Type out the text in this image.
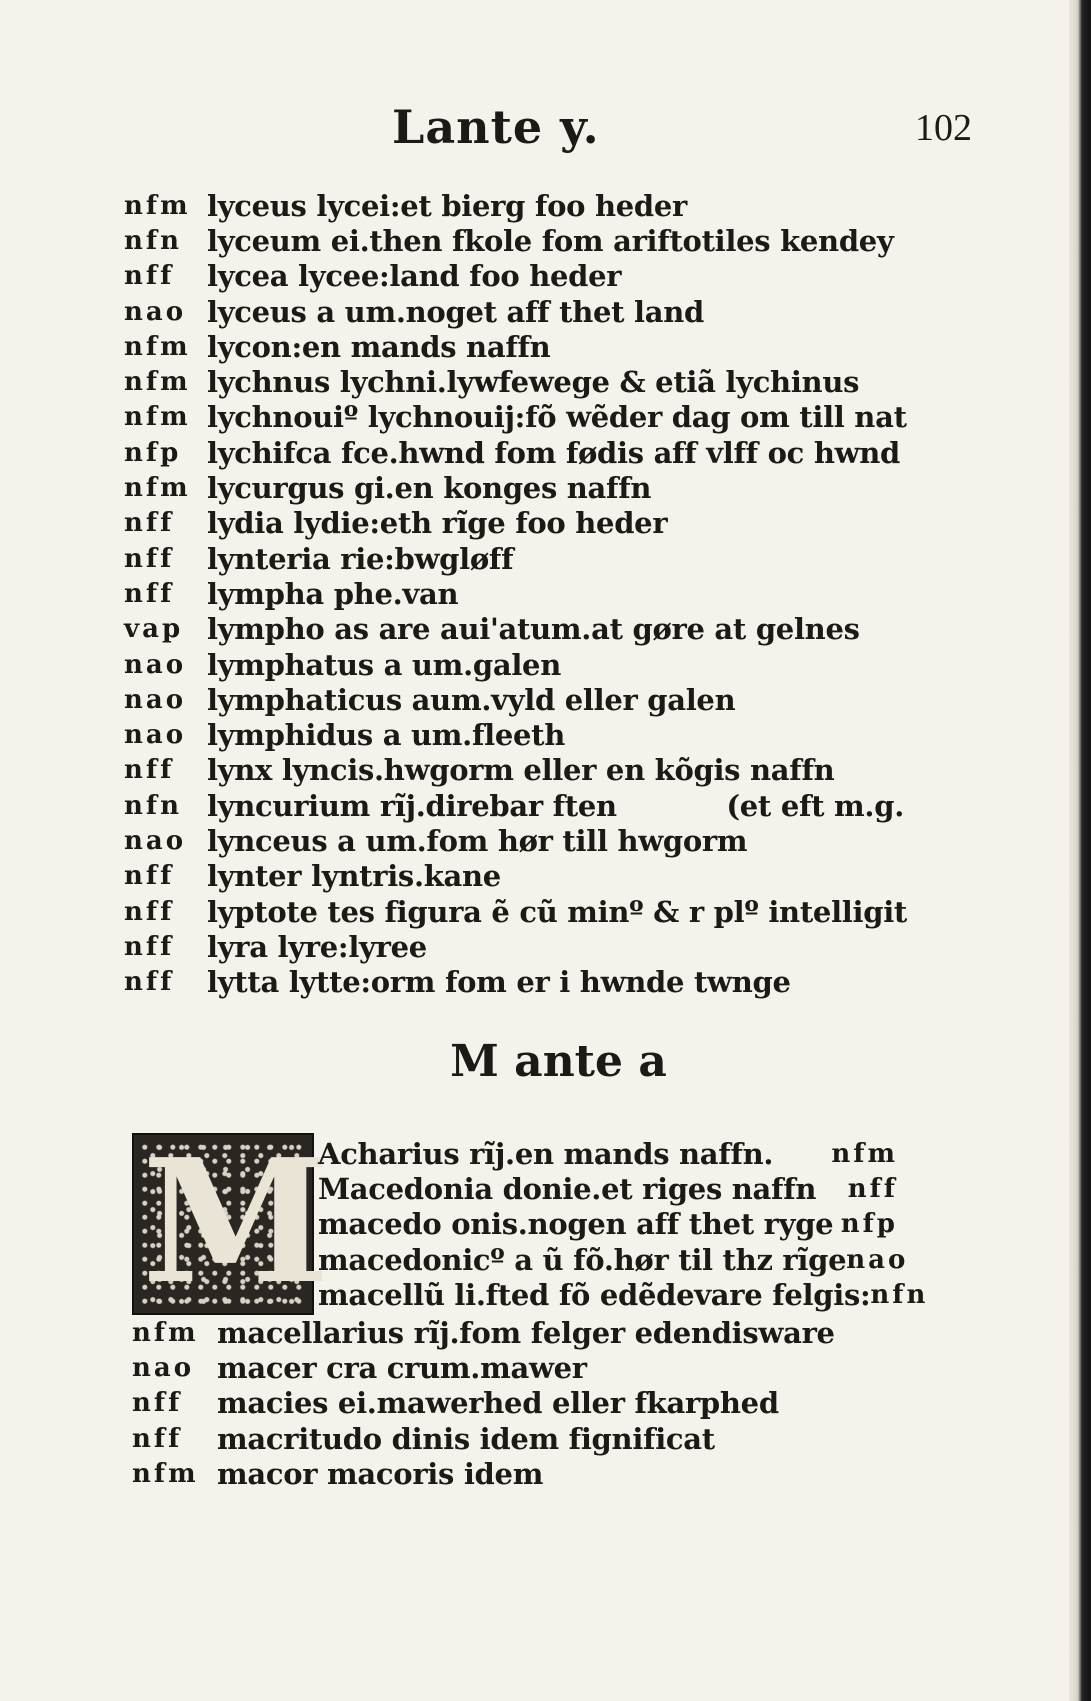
Lante y.	102
nfm lyceus lycei:et bierg foo heder
nfn lyceum ei.then fkole fom ariftotiles kendey
nff	lycea lycee:land foo heder
nao lyceus a um.noget aff thet land
nfm lycon:en mands naffn
nfm lychnus lychni.lywfewege & etiã lychinus
nfm lychnouiº lychnouij:fõ wẽder dag om till nat
nfp lychifca fce.hwnd fom fødis aff vlff oc hwnd
nfm lycurgus gi.en konges naffn
nff	lydia lydie:eth rĩge foo heder
nff	lynteria rie:bwgløff
nff	lympha phe.van
vap lympho as are aui'atum.at gøre at gelnes
nao lymphatus a um.galen
nao lymphaticus aum.vyld eller galen
nao lymphidus a um.fleeth
nff	lynx lyncis.hwgorm eller en kõgis naffn
nfn lyncurium rĩj.direbar ften	(et eft m.g.
nao lynceus a um.fom hør till hwgorm
nff	lynter lyntris.kane
nff	lyptote tes figura ẽ cũ minº & r plº intelligit
nff	lyra lyre:lyree
nff	lytta lytte:orm fom er i hwnde twnge
M ante a
M
Acharius rĩj.en mands naffn. nfm
Macedonia donie.et riges naffn nff
macedo onis.nogen aff thet ryge nfp
macedonicº a ũ fõ.hør til thz rĩge nao
macellũ li.fted fõ edẽdevare felgis: nfn
nfm macellarius rĩj.fom felger edendisware
nao macer cra crum.mawer
nff	macies ei.mawerhed eller fkarphed
nff	macritudo dinis idem fignificat
nfm macor macoris idem
